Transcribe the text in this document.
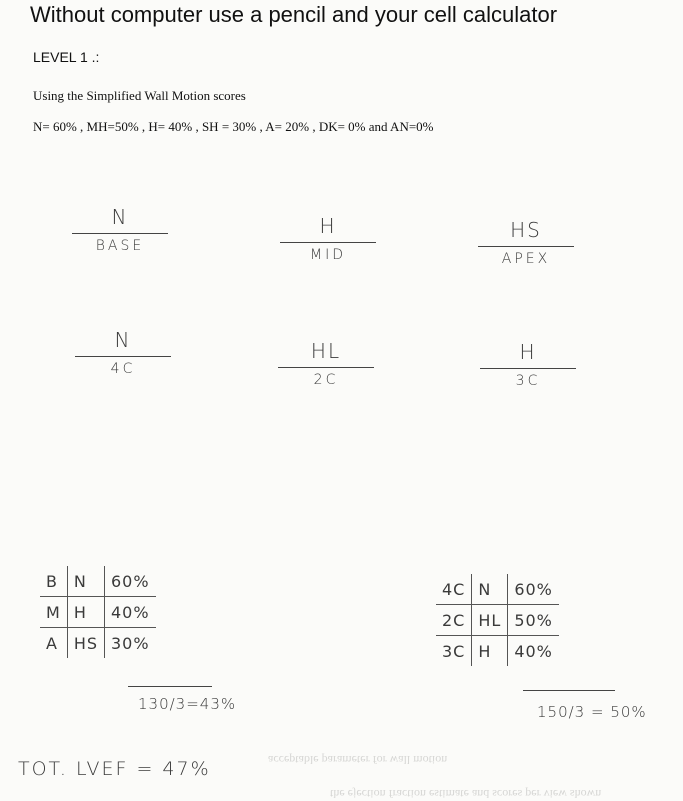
acceptable parameter for wall motion
the ejection fraction estimate and scores per view shown
Without computer use a pencil and your cell calculator
LEVEL 1 .:
Using the Simplified Wall Motion scores
N= 60% , MH=50% , H= 40% , SH = 30% , A= 20% , DK= 0% and AN=0%
N
BASE
H
MID
HS
APEX
N
4C
HL
2C
H
3C
B	N	60%
M	H	40%
A	HS	30%
130/3=43%
4C	N	60%
2C	HL	50%
3C	H	40%
150/3 = 50%
TOT. LVEF = 47%
